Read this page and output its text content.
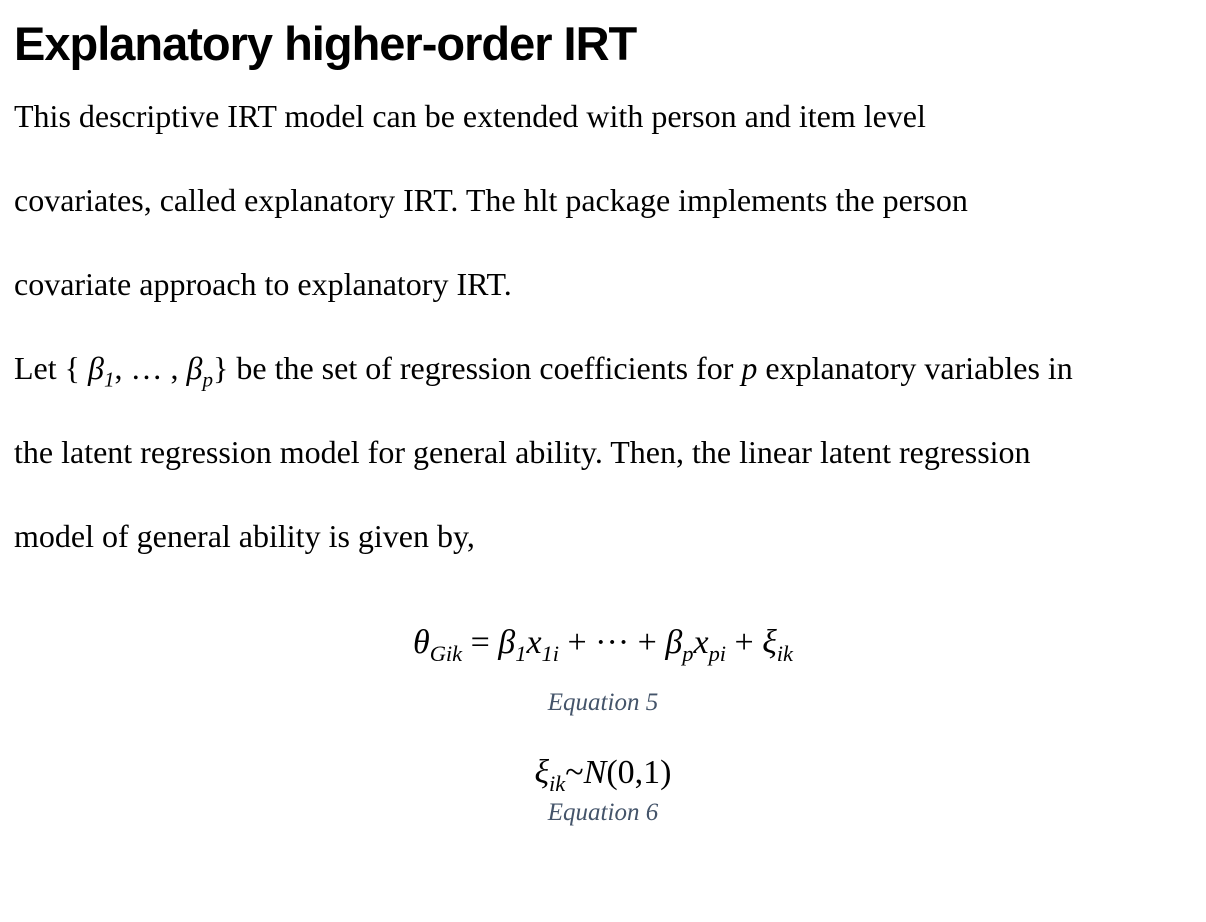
Explanatory higher-order IRT

This descriptive IRT model can be extended with person and item level

covariates, called explanatory IRT. The hlt package implements the person

covariate approach to explanatory IRT.

Let { $\beta_1$, … , $\beta_p$} be the set of regression coefficients for p explanatory variables in

the latent regression model for general ability. Then, the linear latent regression

model of general ability is given by,

$\theta_{Gik} = \beta_1x_{1i}$ + ··· + $\beta_px_{pi} + \xi_{ik}$
Equation 5
$\xi_{ik}\sim N(0,1)$
Equation 6
